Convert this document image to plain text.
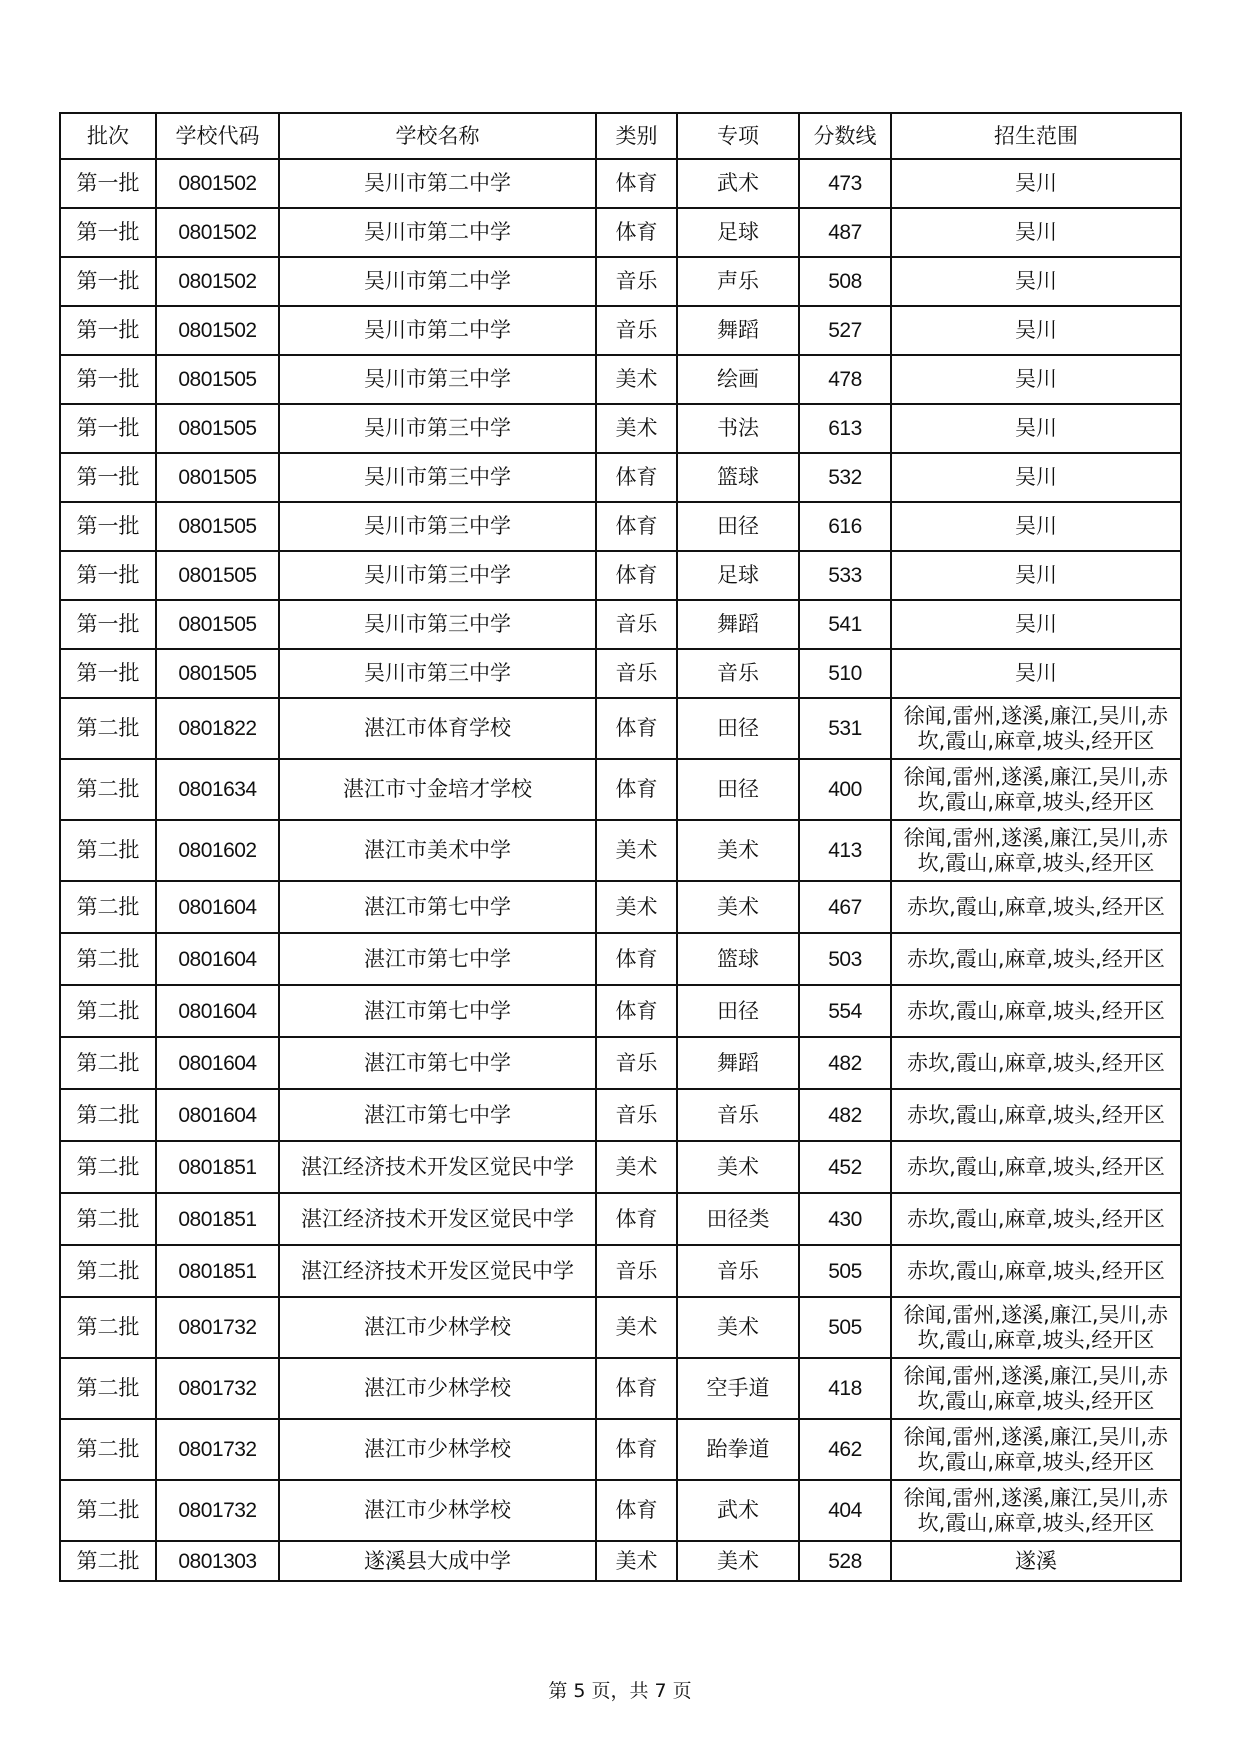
批次	学校代码	学校名称	类别	专项	分数线	招生范围
第一批	0801502	吴川市第二中学	体育	武术	473	吴川
第一批	0801502	吴川市第二中学	体育	足球	487	吴川
第一批	0801502	吴川市第二中学	音乐	声乐	508	吴川
第一批	0801502	吴川市第二中学	音乐	舞蹈	527	吴川
第一批	0801505	吴川市第三中学	美术	绘画	478	吴川
第一批	0801505	吴川市第三中学	美术	书法	613	吴川
第一批	0801505	吴川市第三中学	体育	篮球	532	吴川
第一批	0801505	吴川市第三中学	体育	田径	616	吴川
第一批	0801505	吴川市第三中学	体育	足球	533	吴川
第一批	0801505	吴川市第三中学	音乐	舞蹈	541	吴川
第一批	0801505	吴川市第三中学	音乐	音乐	510	吴川
第二批	0801822	湛江市体育学校	体育	田径	531	徐闻,雷州,遂溪,廉江,吴川,赤坎,霞山,麻章,坡头,经开区
第二批	0801634	湛江市寸金培才学校	体育	田径	400	徐闻,雷州,遂溪,廉江,吴川,赤坎,霞山,麻章,坡头,经开区
第二批	0801602	湛江市美术中学	美术	美术	413	徐闻,雷州,遂溪,廉江,吴川,赤坎,霞山,麻章,坡头,经开区
第二批	0801604	湛江市第七中学	美术	美术	467	赤坎,霞山,麻章,坡头,经开区
第二批	0801604	湛江市第七中学	体育	篮球	503	赤坎,霞山,麻章,坡头,经开区
第二批	0801604	湛江市第七中学	体育	田径	554	赤坎,霞山,麻章,坡头,经开区
第二批	0801604	湛江市第七中学	音乐	舞蹈	482	赤坎,霞山,麻章,坡头,经开区
第二批	0801604	湛江市第七中学	音乐	音乐	482	赤坎,霞山,麻章,坡头,经开区
第二批	0801851	湛江经济技术开发区觉民中学	美术	美术	452	赤坎,霞山,麻章,坡头,经开区
第二批	0801851	湛江经济技术开发区觉民中学	体育	田径类	430	赤坎,霞山,麻章,坡头,经开区
第二批	0801851	湛江经济技术开发区觉民中学	音乐	音乐	505	赤坎,霞山,麻章,坡头,经开区
第二批	0801732	湛江市少林学校	美术	美术	505	徐闻,雷州,遂溪,廉江,吴川,赤坎,霞山,麻章,坡头,经开区
第二批	0801732	湛江市少林学校	体育	空手道	418	徐闻,雷州,遂溪,廉江,吴川,赤坎,霞山,麻章,坡头,经开区
第二批	0801732	湛江市少林学校	体育	跆拳道	462	徐闻,雷州,遂溪,廉江,吴川,赤坎,霞山,麻章,坡头,经开区
第二批	0801732	湛江市少林学校	体育	武术	404	徐闻,雷州,遂溪,廉江,吴川,赤坎,霞山,麻章,坡头,经开区
第二批	0801303	遂溪县大成中学	美术	美术	528	遂溪
第 5 页，共 7 页
